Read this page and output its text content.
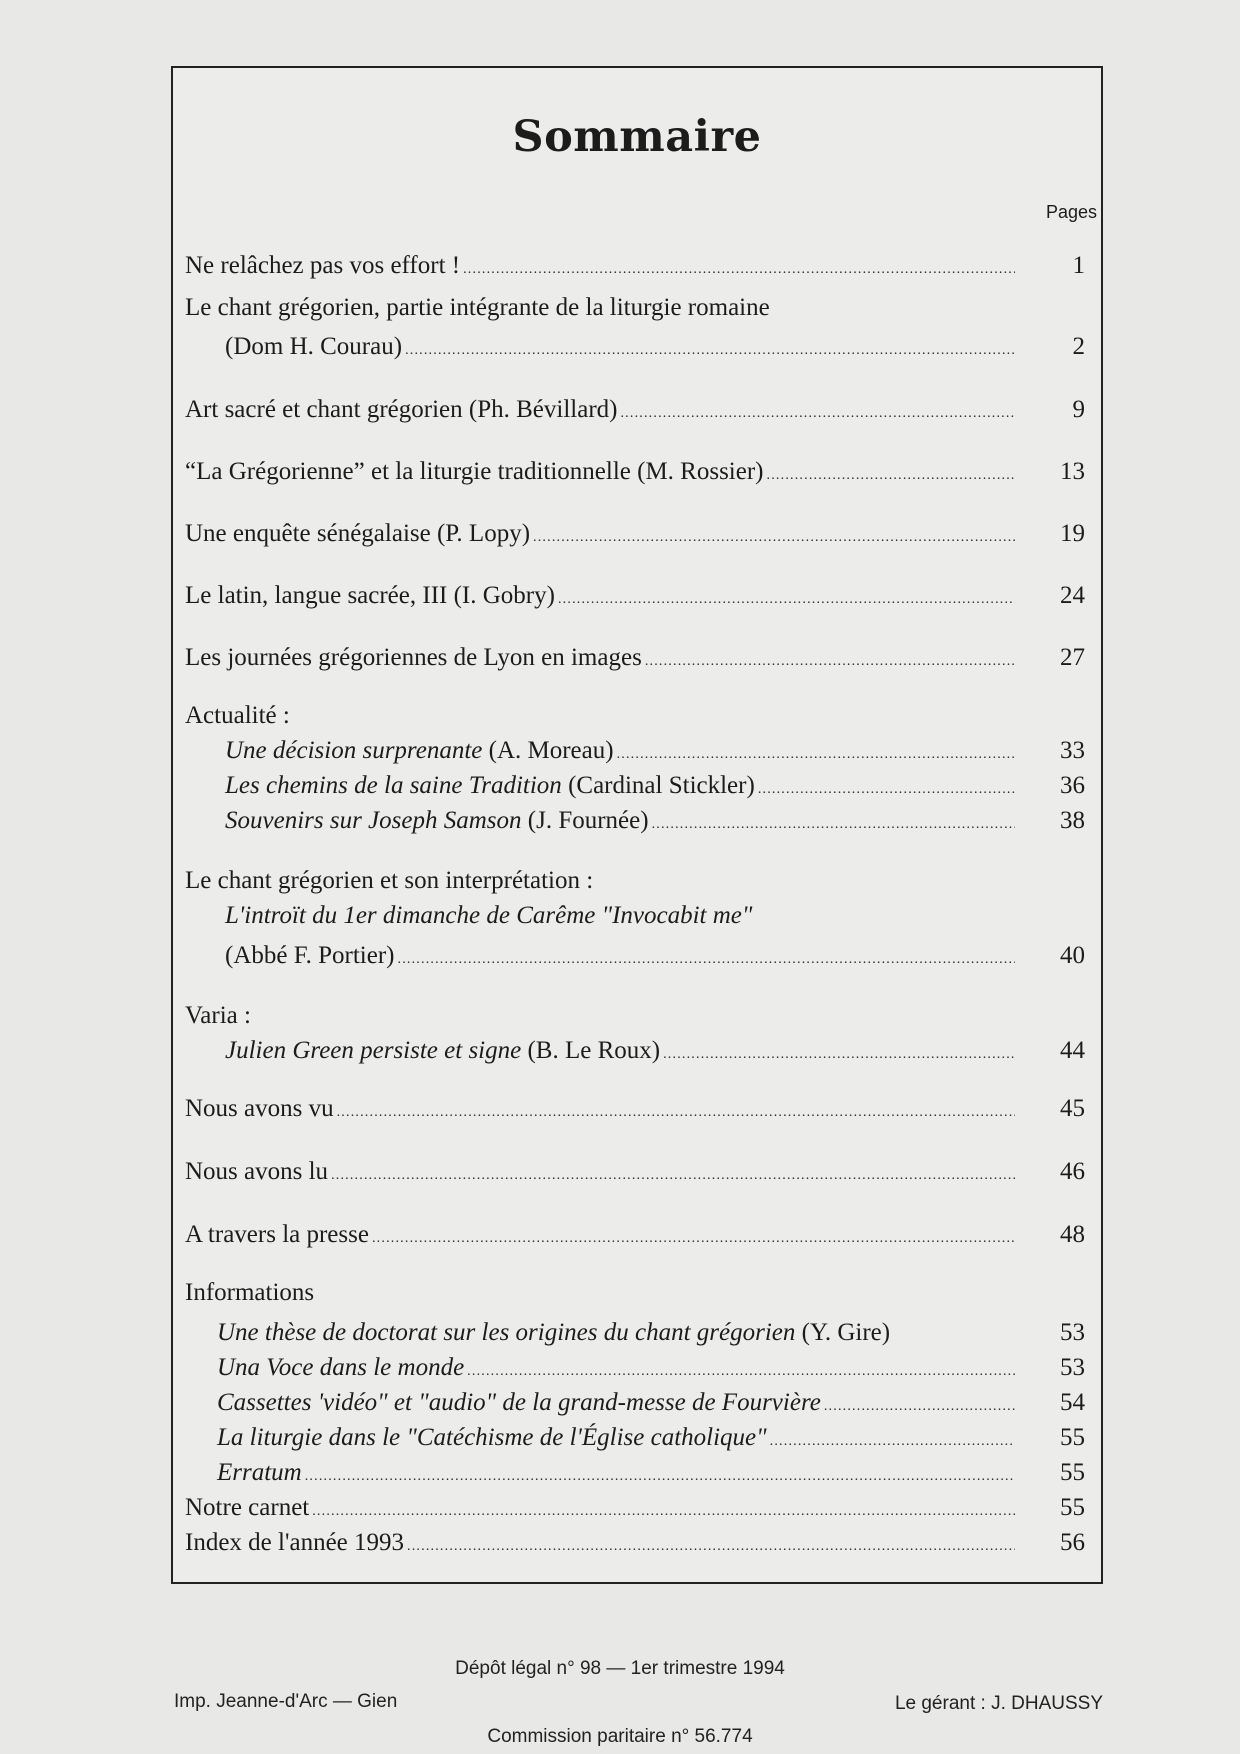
Sommaire
Pages
Ne relâchez pas vos effort ! .....	1
Le chant grégorien, partie intégrante de la liturgie romaine
(Dom H. Courau) .....	2
Art sacré et chant grégorien (Ph. Bévillard) .....	9
“La Grégorienne” et la liturgie traditionnelle (M. Rossier) .....	13
Une enquête sénégalaise (P. Lopy) .....	19
Le latin, langue sacrée, III (I. Gobry) .....	24
Les journées grégoriennes de Lyon en images .....	27
Actualité :
Une décision surprenante (A. Moreau) .....	33
Les chemins de la saine Tradition (Cardinal Stickler) .....	36
Souvenirs sur Joseph Samson (J. Fournée) .....	38
Le chant grégorien et son interprétation :
L'introït du 1er dimanche de Carême "Invocabit me"
(Abbé F. Portier) .....	40
Varia :
Julien Green persiste et signe (B. Le Roux) .....	44
Nous avons vu .....	45
Nous avons lu .....	46
A travers la presse .....	48
Informations
Une thèse de doctorat sur les origines du chant grégorien (Y. Gire)	53
Una Voce dans le monde .....	53
Cassettes 'vidéo" et "audio" de la grand-messe de Fourvière .....	54
La liturgie dans le "Catéchisme de l'Église catholique" .....	55
Erratum .....	55
Notre carnet .....	55
Index de l'année 1993 .....	56
Dépôt légal n° 98 — 1er trimestre 1994
Imp. Jeanne-d'Arc — Gien	Le gérant : J. DHAUSSY
Commission paritaire n° 56.774
